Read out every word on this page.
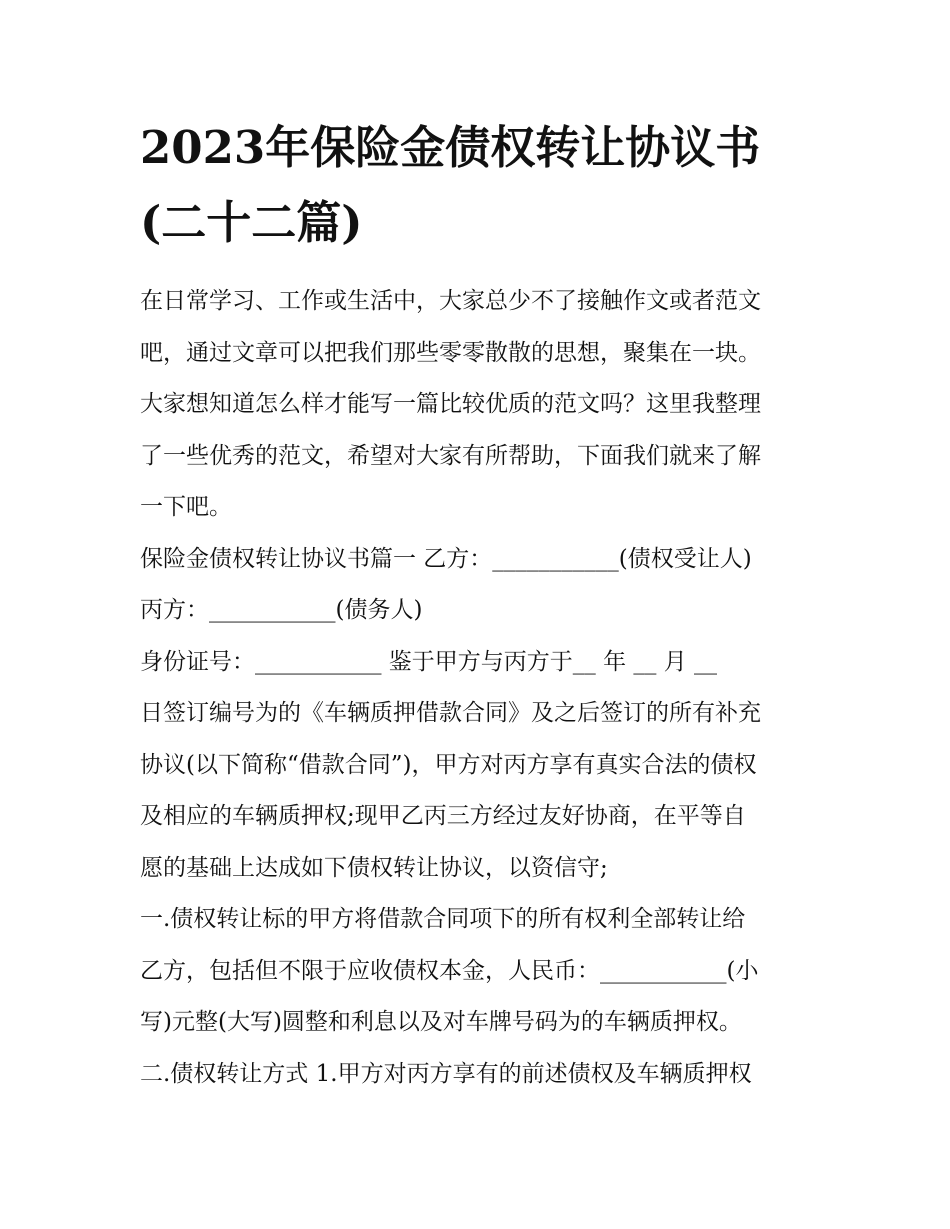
2023年保险金债权转让协议书
(二十二篇)
在日常学习、工作或生活中，大家总少不了接触作文或者范文
吧，通过文章可以把我们那些零零散散的思想，聚集在一块。
大家想知道怎么样才能写一篇比较优质的范文吗？这里我整理
了一些优秀的范文，希望对大家有所帮助，下面我们就来了解
一下吧。
保险金债权转让协议书篇一 乙方：___________(债权受让人)
丙方：___________(债务人)
身份证号：___________ 鉴于甲方与丙方于__ 年 __ 月 __
日签订编号为的《车辆质押借款合同》及之后签订的所有补充
协议(以下简称“借款合同”)，甲方对丙方享有真实合法的债权
及相应的车辆质押权;现甲乙丙三方经过友好协商，在平等自
愿的基础上达成如下债权转让协议，以资信守;
一.债权转让标的甲方将借款合同项下的所有权利全部转让给
乙方，包括但不限于应收债权本金，人民币：___________(小
写)元整(大写)圆整和利息以及对车牌号码为的车辆质押权。
二.债权转让方式 1.甲方对丙方享有的前述债权及车辆质押权
